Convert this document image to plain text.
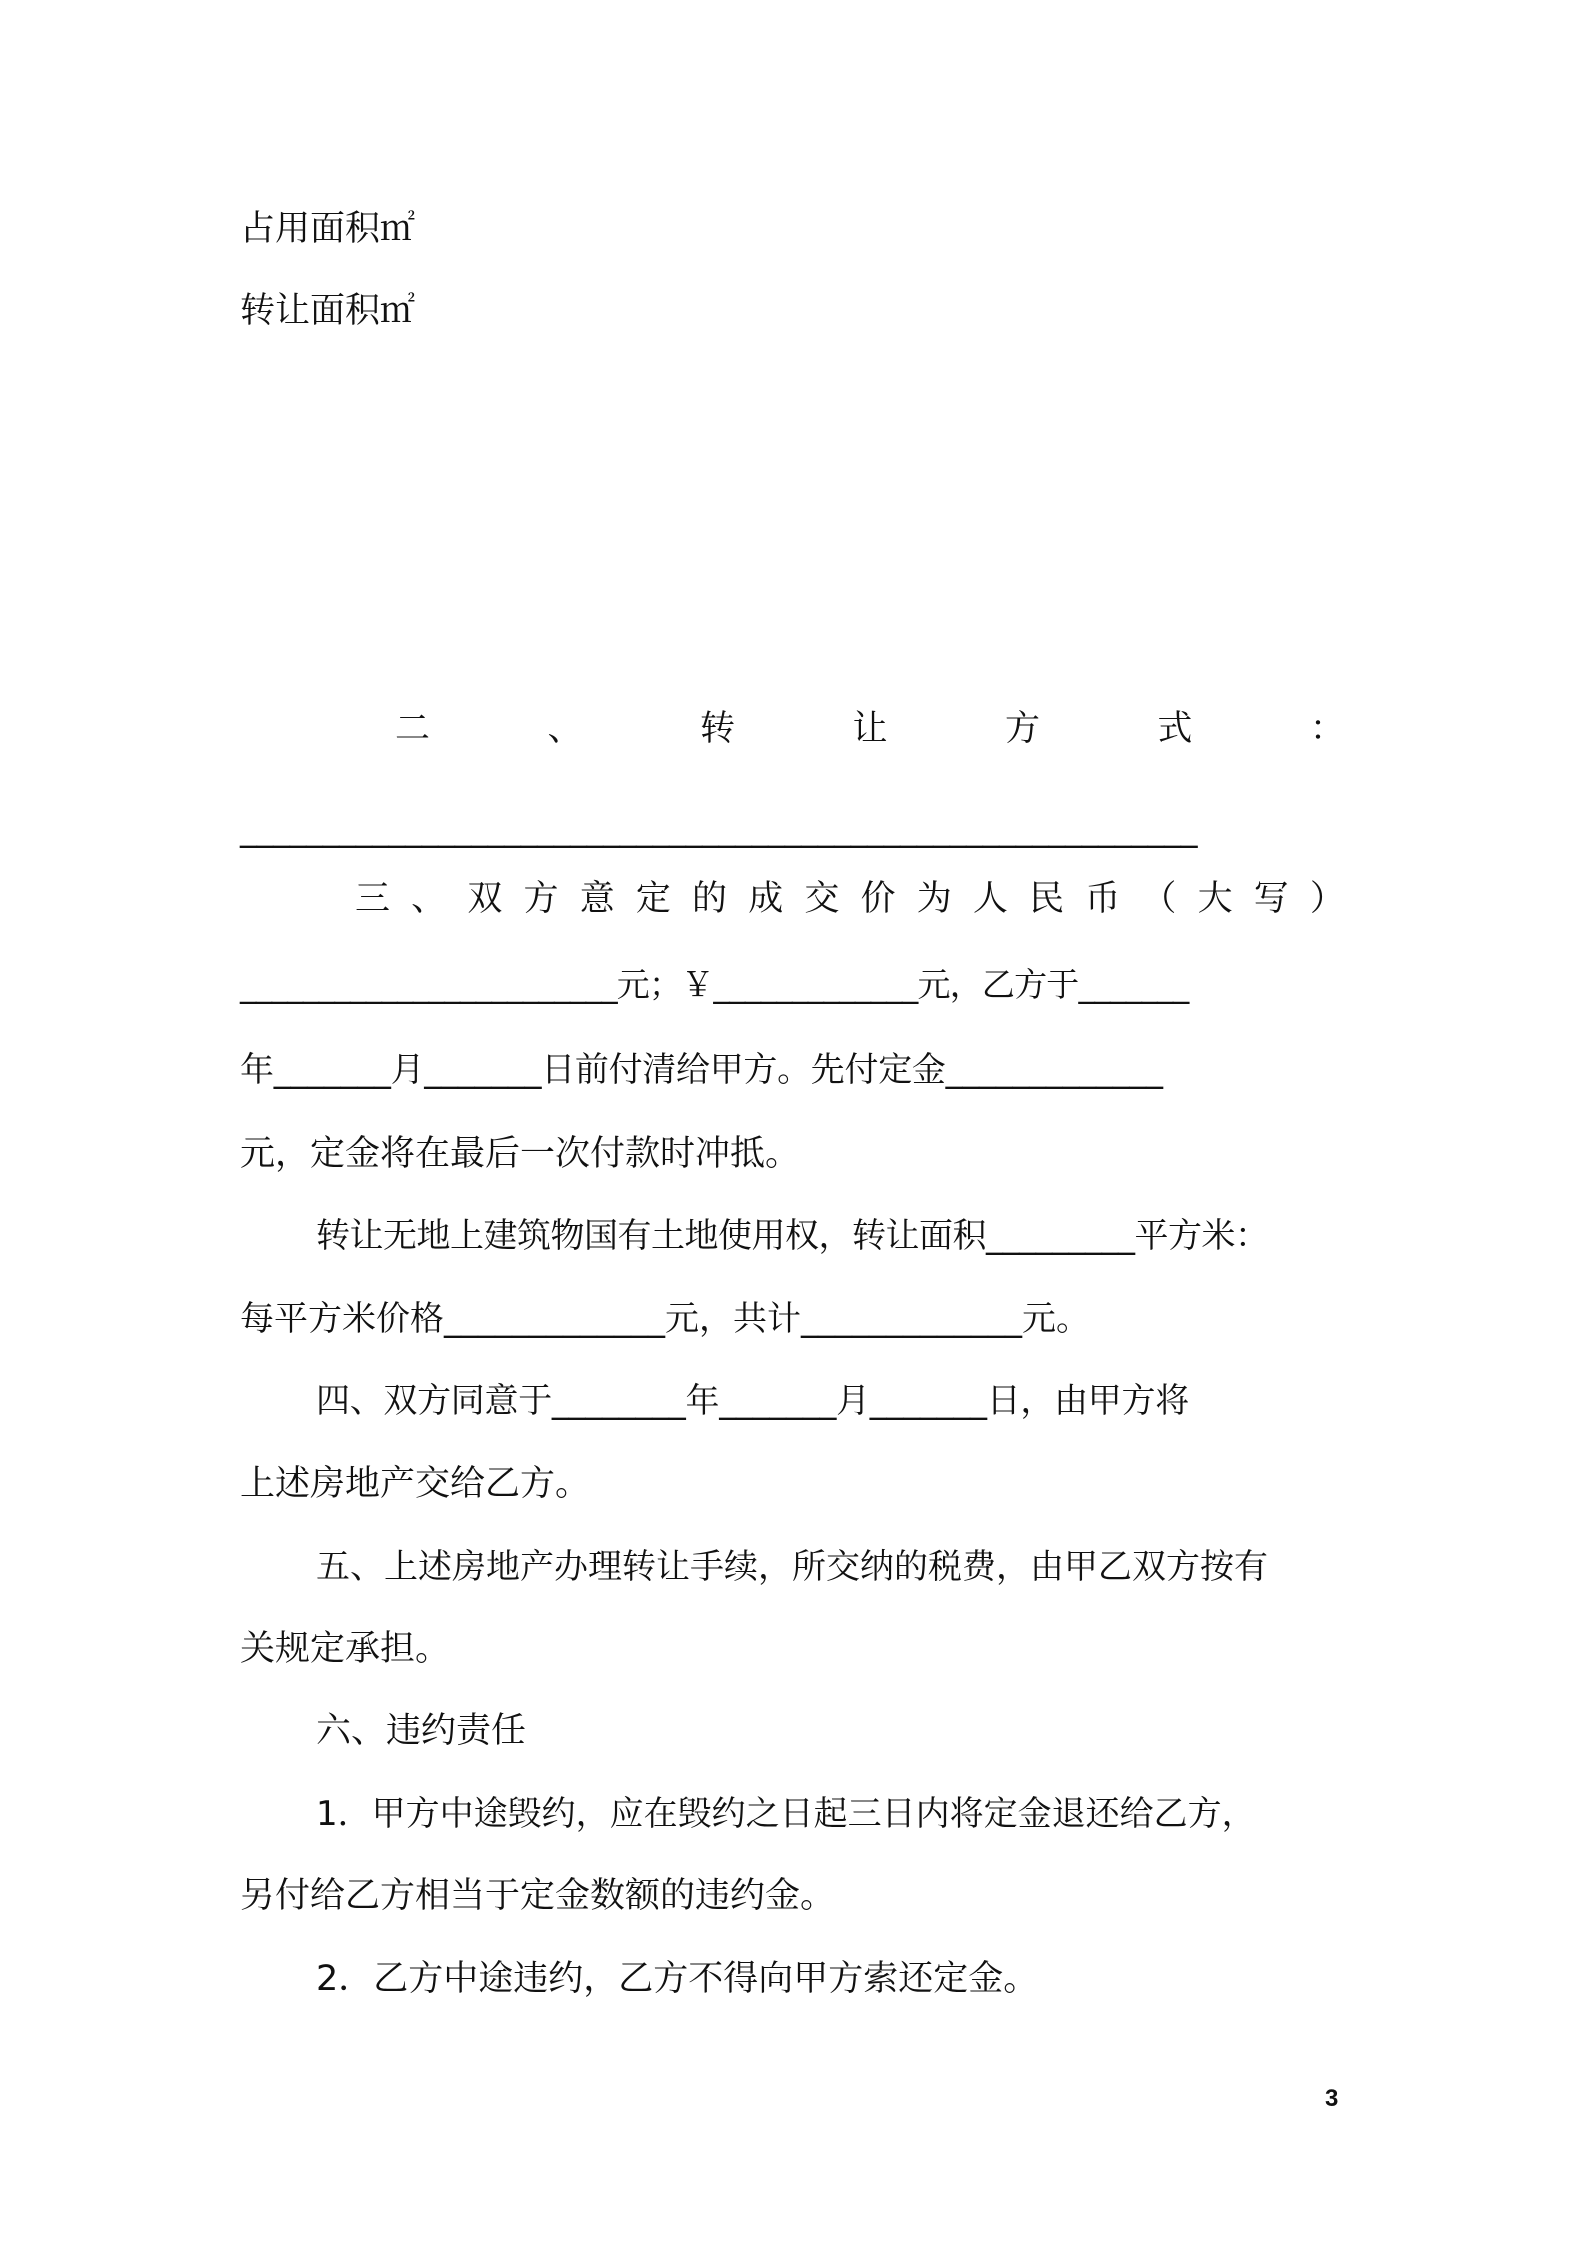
占用面积㎡
转让面积㎡
二	、	转	让	方	式	：
__________________________________________________________
三 、 双 方 意 定 的 成 交 价 为 人 民 币 （ 大 写 ）
________________________元；￥_____________元，乙方于_______
年_______月_______日前付清给甲方。先付定金_____________
元，定金将在最后一次付款时冲抵。
转让无地上建筑物国有土地使用权，转让面积_________平方米：
每平方米价格_____________元，共计_____________元。
四、双方同意于________年_______月_______日，由甲方将
上述房地产交给乙方。
五、上述房地产办理转让手续，所交纳的税费，由甲乙双方按有
关规定承担。
六、违约责任
1．甲方中途毁约，应在毁约之日起三日内将定金退还给乙方，
另付给乙方相当于定金数额的违约金。
2．乙方中途违约，乙方不得向甲方索还定金。
3
